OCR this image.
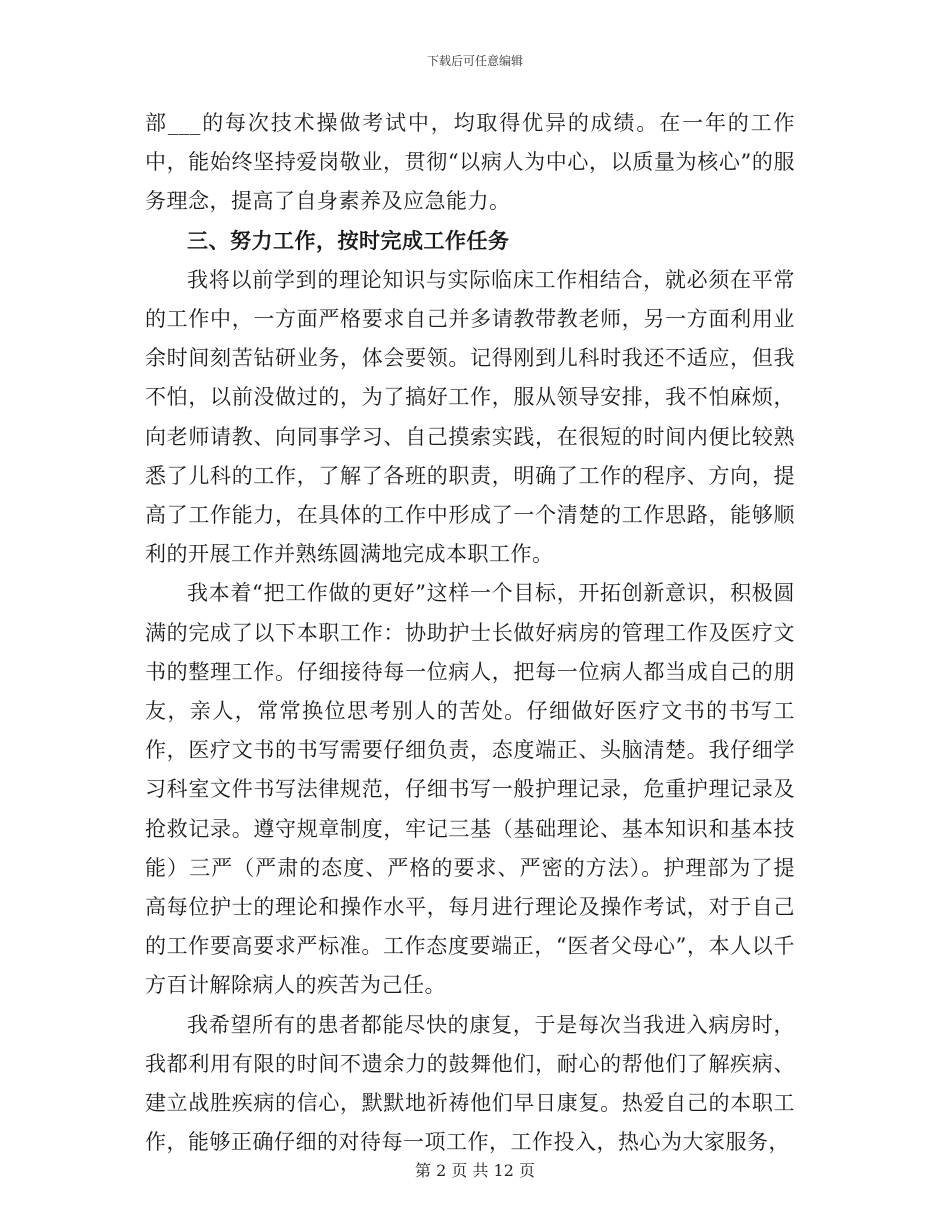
下载后可任意编辑

部___的每次技术操做考试中，均取得优异的成绩。在一年的工作中，能始终坚持爱岗敬业，贯彻“以病人为中心，以质量为核心”的服务理念，提高了自身素养及应急能力。

三、努力工作，按时完成工作任务

我将以前学到的理论知识与实际临床工作相结合，就必须在平常的工作中，一方面严格要求自己并多请教带教老师，另一方面利用业余时间刻苦钻研业务，体会要领。记得刚到儿科时我还不适应，但我不怕，以前没做过的，为了搞好工作，服从领导安排，我不怕麻烦，向老师请教、向同事学习、自己摸索实践，在很短的时间内便比较熟悉了儿科的工作，了解了各班的职责，明确了工作的程序、方向，提高了工作能力，在具体的工作中形成了一个清楚的工作思路，能够顺利的开展工作并熟练圆满地完成本职工作。

我本着“把工作做的更好”这样一个目标，开拓创新意识，积极圆满的完成了以下本职工作：协助护士长做好病房的管理工作及医疗文书的整理工作。仔细接待每一位病人，把每一位病人都当成自己的朋友，亲人，常常换位思考别人的苦处。仔细做好医疗文书的书写工作，医疗文书的书写需要仔细负责，态度端正、头脑清楚。我仔细学习科室文件书写法律规范，仔细书写一般护理记录，危重护理记录及抢救记录。遵守规章制度，牢记三基（基础理论、基本知识和基本技能）三严（严肃的态度、严格的要求、严密的方法）。护理部为了提高每位护士的理论和操作水平，每月进行理论及操作考试，对于自己的工作要高要求严标准。工作态度要端正，“医者父母心”，本人以千方百计解除病人的疾苦为己任。

我希望所有的患者都能尽快的康复，于是每次当我进入病房时，我都利用有限的时间不遗余力的鼓舞他们，耐心的帮他们了解疾病、建立战胜疾病的信心，默默地祈祷他们早日康复。热爱自己的本职工作，能够正确仔细的对待每一项工作，工作投入，热心为大家服务，

第 2 页 共 12 页
